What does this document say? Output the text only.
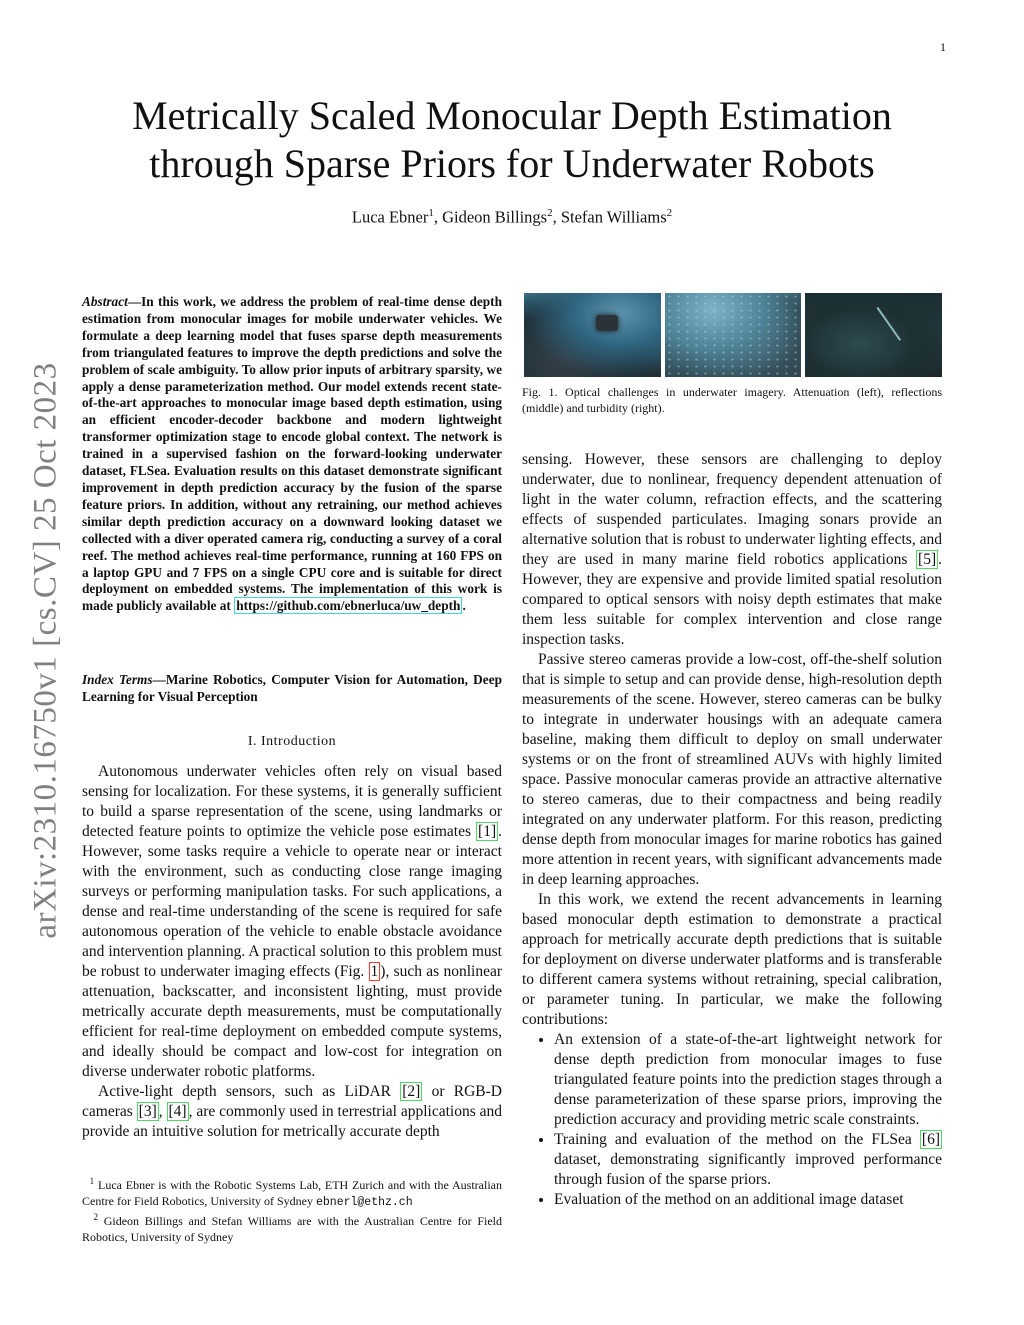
1
arXiv:2310.16750v1 [cs.CV] 25 Oct 2023
Metrically Scaled Monocular Depth Estimation
through Sparse Priors for Underwater Robots
Luca Ebner$^1$, Gideon Billings$^2$, Stefan Williams$^2$
Abstract—In this work, we address the problem of real-time dense depth estimation from monocular images for mobile underwater vehicles. We formulate a deep learning model that fuses sparse depth measurements from triangulated features to improve the depth predictions and solve the problem of scale ambiguity. To allow prior inputs of arbitrary sparsity, we apply a dense parameterization method. Our model extends recent state-of-the-art approaches to monocular image based depth estimation, using an efficient encoder-decoder backbone and modern lightweight transformer optimization stage to encode global context. The network is trained in a supervised fashion on the forward-looking underwater dataset, FLSea. Evaluation results on this dataset demonstrate significant improvement in depth prediction accuracy by the fusion of the sparse feature priors. In addition, without any retraining, our method achieves similar depth prediction accuracy on a downward looking dataset we collected with a diver operated camera rig, conducting a survey of a coral reef. The method achieves real-time performance, running at 160 FPS on a laptop GPU and 7 FPS on a single CPU core and is suitable for direct deployment on embedded systems. The implementation of this work is made publicly available at https://github.com/ebnerluca/uw_depth .
Index Terms—Marine Robotics, Computer Vision for Automation, Deep Learning for Visual Perception
I. Introduction

Autonomous underwater vehicles often rely on visual based sensing for localization. For these systems, it is generally sufficient to build a sparse representation of the scene, using landmarks or detected feature points to optimize the vehicle pose estimates [1] . However, some tasks require a vehicle to operate near or interact with the environment, such as conducting close range imaging surveys or performing manipulation tasks. For such applications, a dense and real-time understanding of the scene is required for safe autonomous operation of the vehicle to enable obstacle avoidance and intervention planning. A practical solution to this problem must be robust to underwater imaging effects (Fig. 1 ), such as nonlinear attenuation, backscatter, and inconsistent lighting, must provide metrically accurate depth measurements, must be computationally efficient for real-time deployment on embedded compute systems, and ideally should be compact and low-cost for integration on diverse underwater robotic platforms.

Active-light depth sensors, such as LiDAR [2] or RGB-D cameras [3] , [4] , are commonly used in terrestrial applications and provide an intuitive solution for metrically accurate depth

$^1$ Luca Ebner is with the Robotic Systems Lab, ETH Zurich and with the Australian Centre for Field Robotics, University of Sydney ebnerl@ethz.ch
$^2$ Gideon Billings and Stefan Williams are with the Australian Centre for Field Robotics, University of Sydney
Fig. 1. Optical challenges in underwater imagery. Attenuation (left), reflections (middle) and turbidity (right).

sensing. However, these sensors are challenging to deploy underwater, due to nonlinear, frequency dependent attenuation of light in the water column, refraction effects, and the scattering effects of suspended particulates. Imaging sonars provide an alternative solution that is robust to underwater lighting effects, and they are used in many marine field robotics applications [5] . However, they are expensive and provide limited spatial resolution compared to optical sensors with noisy depth estimates that make them less suitable for complex intervention and close range inspection tasks.

Passive stereo cameras provide a low-cost, off-the-shelf solution that is simple to setup and can provide dense, high-resolution depth measurements of the scene. However, stereo cameras can be bulky to integrate in underwater housings with an adequate camera baseline, making them difficult to deploy on small underwater systems or on the front of streamlined AUVs with highly limited space. Passive monocular cameras provide an attractive alternative to stereo cameras, due to their compactness and being readily integrated on any underwater platform. For this reason, predicting dense depth from monocular images for marine robotics has gained more attention in recent years, with significant advancements made in deep learning approaches.

In this work, we extend the recent advancements in learning based monocular depth estimation to demonstrate a practical approach for metrically accurate depth predictions that is suitable for deployment on diverse underwater platforms and is transferable to different camera systems without retraining, special calibration, or parameter tuning. In particular, we make the following contributions:

• An extension of a state-of-the-art lightweight network for dense depth prediction from monocular images to fuse triangulated feature points into the prediction stages through a dense parameterization of these sparse priors, improving the prediction accuracy and providing metric scale constraints.
• Training and evaluation of the method on the FLSea [6] dataset, demonstrating significantly improved performance through fusion of the sparse priors.
• Evaluation of the method on an additional image dataset
